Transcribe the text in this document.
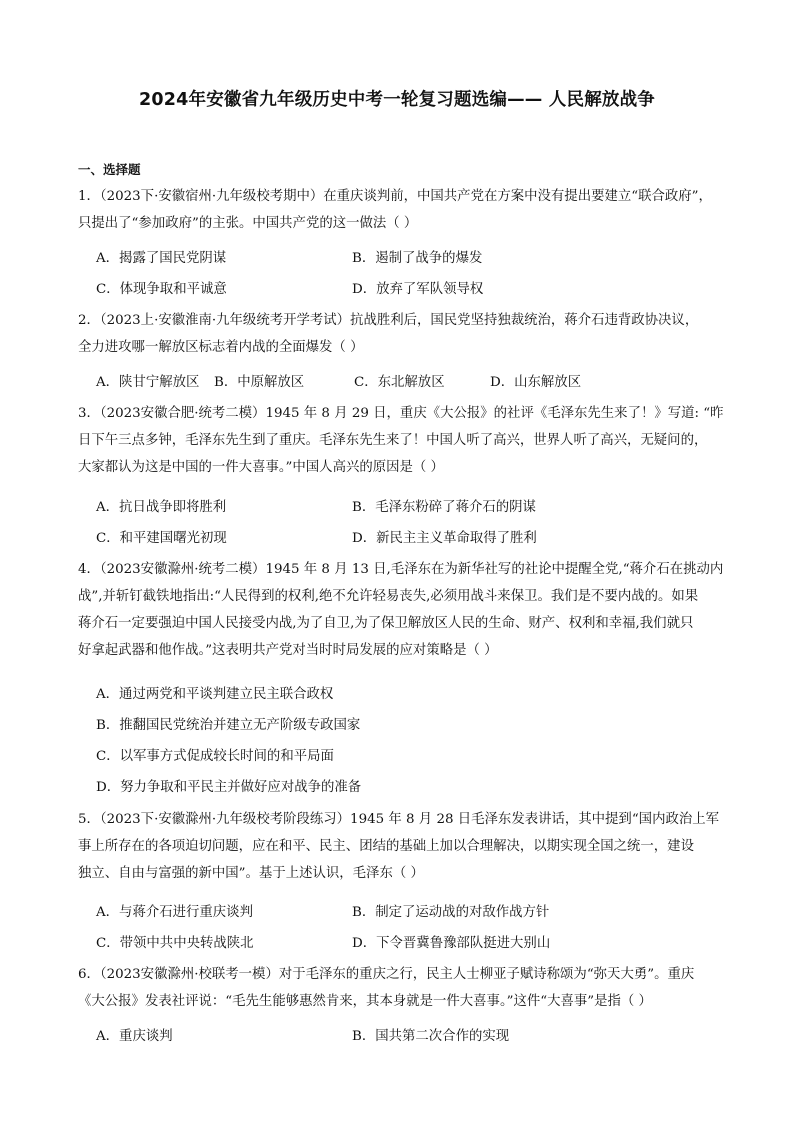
2024年安徽省九年级历史中考一轮复习题选编—— 人民解放战争
一、选择题
1．（2023下·安徽宿州·九年级校考期中）在重庆谈判前，中国共产党在方案中没有提出要建立“联合政府”，
只提出了“参加政府”的主张。中国共产党的这一做法（ ）
A．揭露了国民党阴谋	B．遏制了战争的爆发
C．体现争取和平诚意	D．放弃了军队领导权
2．（2023上·安徽淮南·九年级统考开学考试）抗战胜利后，国民党坚持独裁统治，蒋介石违背政协决议，
全力进攻哪一解放区标志着内战的全面爆发（ ）
A．陕甘宁解放区 B．中原解放区	C．东北解放区	D．山东解放区
3．（2023安徽合肥·统考二模）1945 年 8 月 29 日，重庆《大公报》的社评《毛泽东先生来了！》写道: “昨
日下午三点多钟，毛泽东先生到了重庆。毛泽东先生来了！中国人听了高兴，世界人听了高兴，无疑问的，
大家都认为这是中国的一件大喜事。”中国人高兴的原因是（ ）
A．抗日战争即将胜利	B．毛泽东粉碎了蒋介石的阴谋
C．和平建国曙光初现	D．新民主主义革命取得了胜利
4．（2023安徽滁州·统考二模）1945 年 8 月 13 日,毛泽东在为新华社写的社论中提醒全党,“蒋介石在挑动内
战”,并斩钉截铁地指出:“人民得到的权利,绝不允许轻易丧失,必须用战斗来保卫。我们是不要内战的。如果
蒋介石一定要强迫中国人民接受内战,为了自卫,为了保卫解放区人民的生命、财产、权利和幸福,我们就只
好拿起武器和他作战。”这表明共产党对当时时局发展的应对策略是（ ）
A．通过两党和平谈判建立民主联合政权
B．推翻国民党统治并建立无产阶级专政国家
C．以军事方式促成较长时间的和平局面
D．努力争取和平民主并做好应对战争的准备
5．（2023下·安徽滁州·九年级校考阶段练习）1945 年 8 月 28 日毛泽东发表讲话，其中提到“国内政治上军
事上所存在的各项迫切问题，应在和平、民主、团结的基础上加以合理解决，以期实现全国之统一，建设
独立、自由与富强的新中国”。基于上述认识，毛泽东（ ）
A．与蒋介石进行重庆谈判	B．制定了运动战的对敌作战方针
C．带领中共中央转战陕北	D．下令晋冀鲁豫部队挺进大别山
6．（2023安徽滁州·校联考一模）对于毛泽东的重庆之行，民主人士柳亚子赋诗称颂为“弥天大勇”。重庆
《大公报》发表社评说：“毛先生能够惠然肯来，其本身就是一件大喜事。”这件“大喜事”是指（ ）
A．重庆谈判	B．国共第二次合作的实现
